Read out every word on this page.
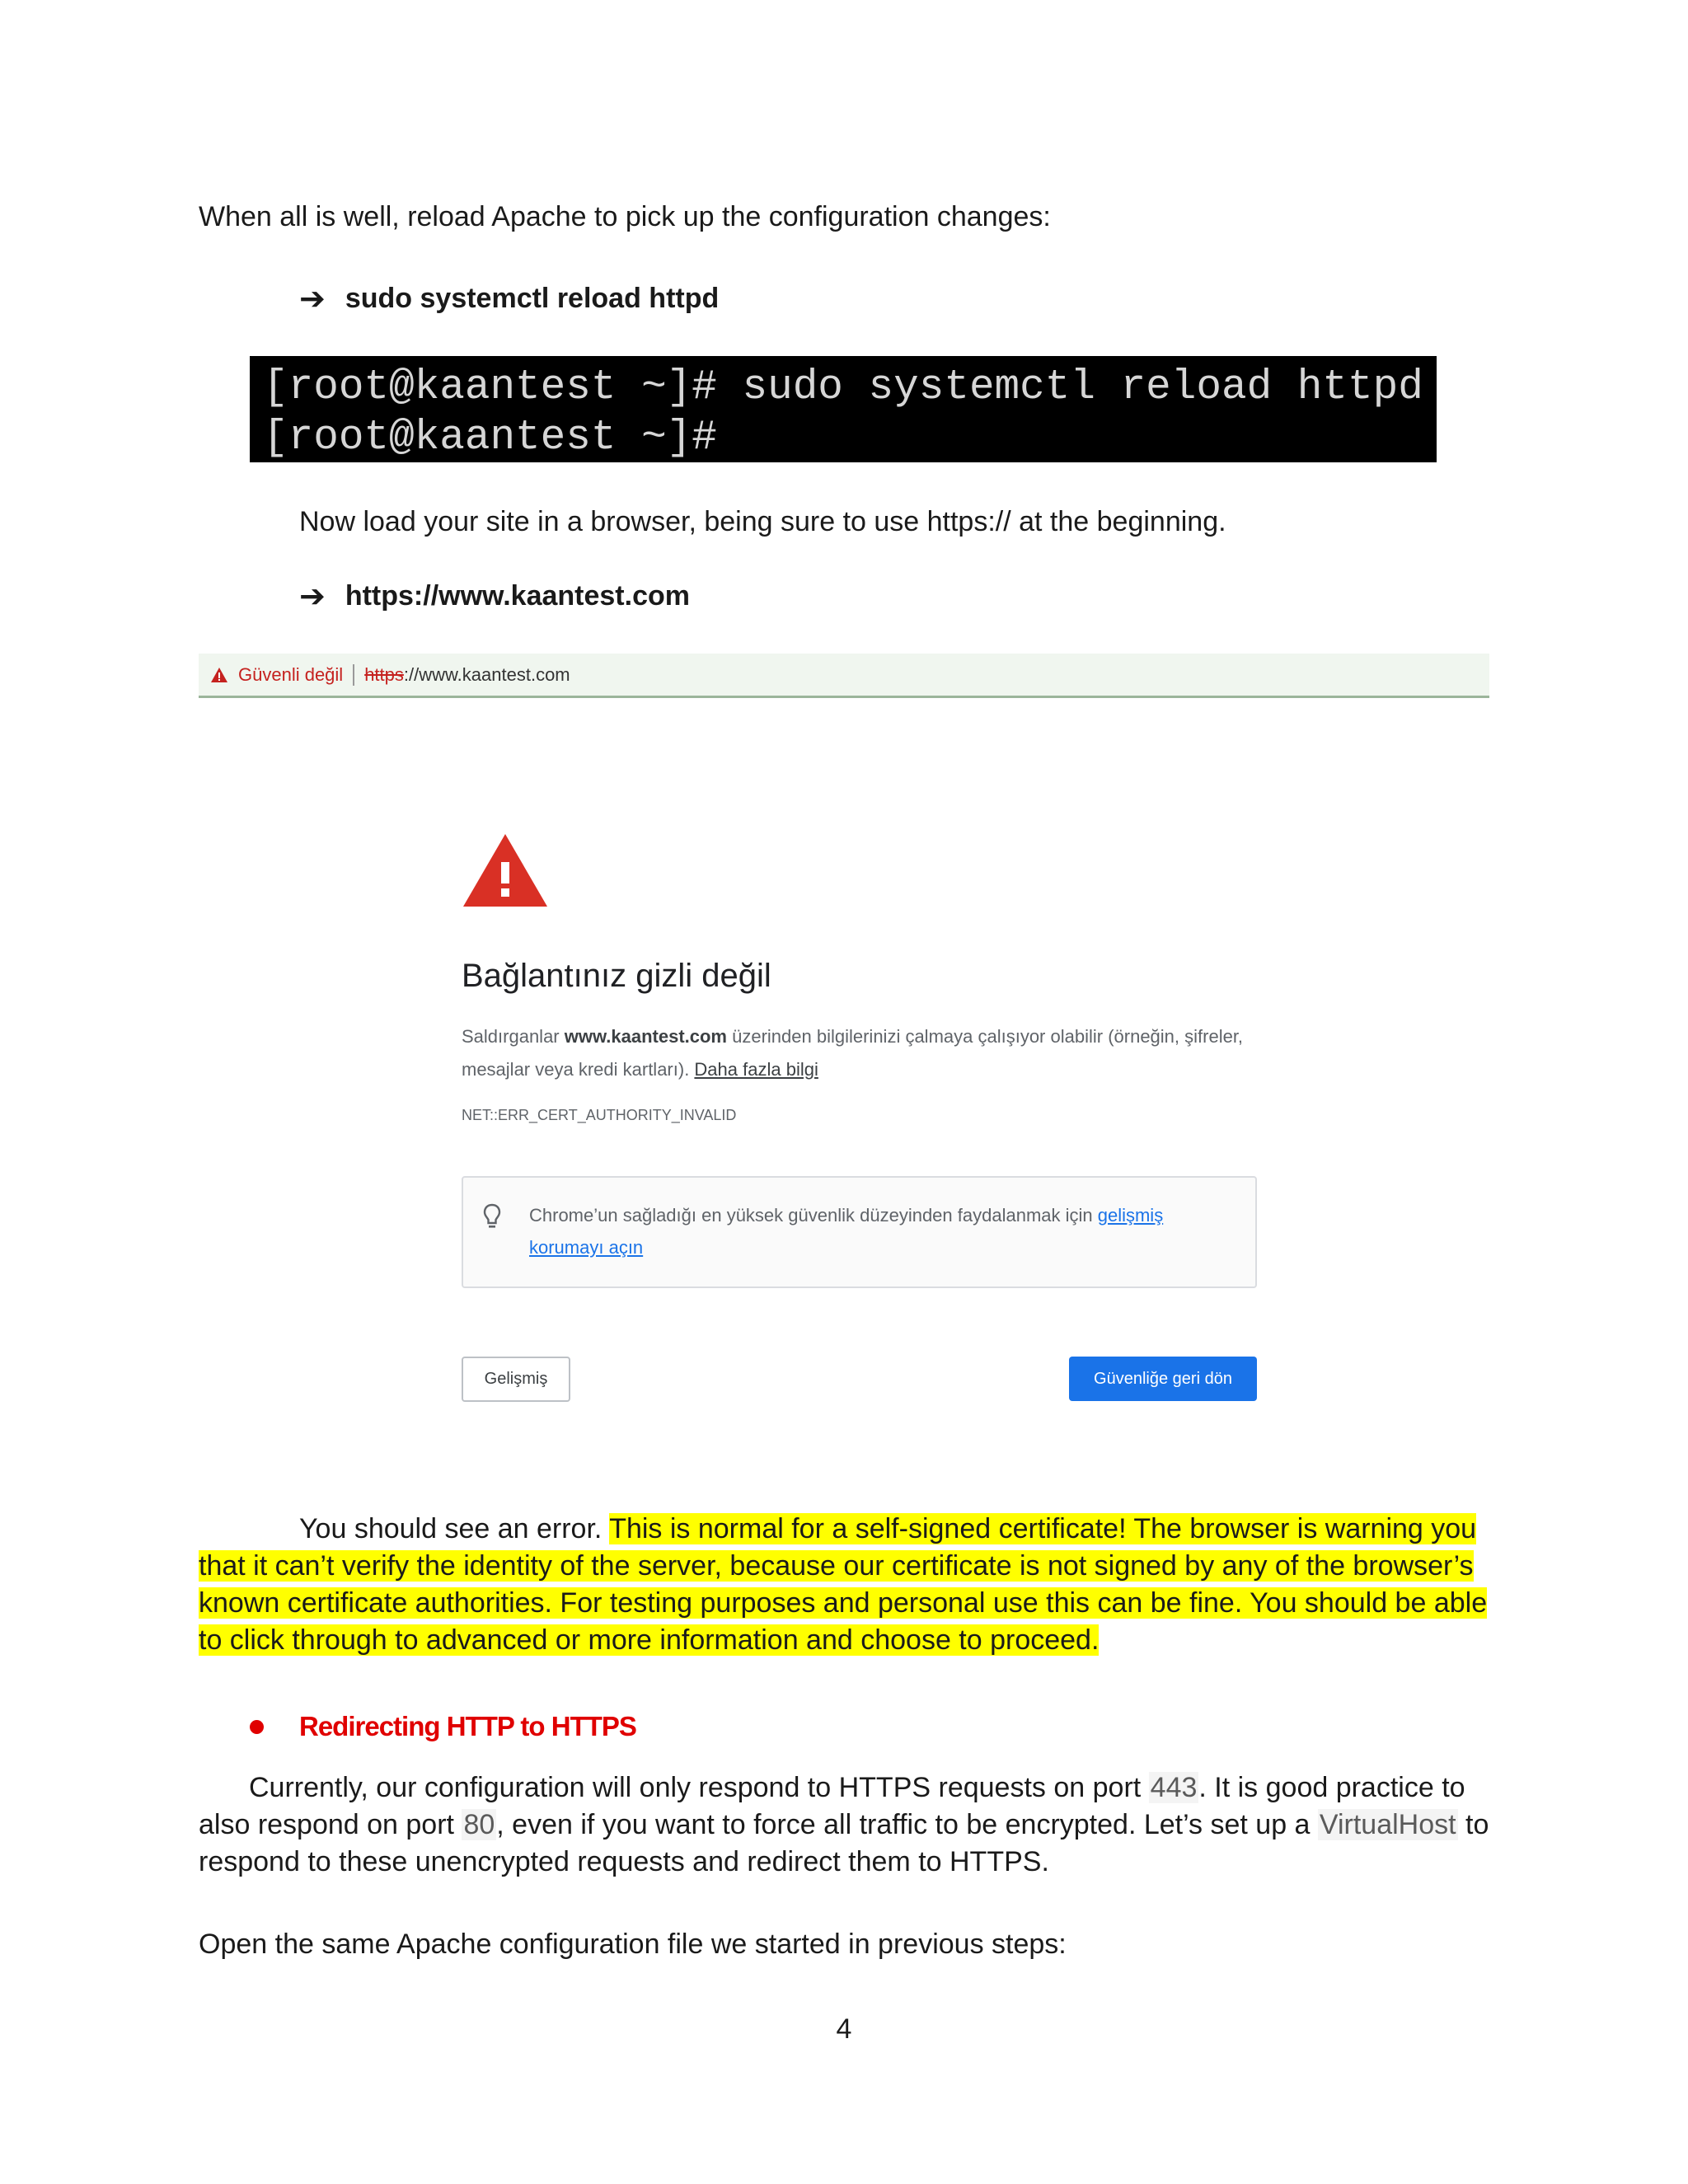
When all is well, reload Apache to pick up the configuration changes:
➔ sudo systemctl reload httpd
[root@kaantest ~]# sudo systemctl reload httpd
[root@kaantest ~]#
Now load your site in a browser, being sure to use https:// at the beginning.
➔ https://www.kaantest.com
Güvenli değil https ://www.kaantest.com
Bağlantınız gizli değil
Saldırganlar www.kaantest.com üzerinden bilgilerinizi çalmaya çalışıyor olabilir (örneğin, şifreler, mesajlar veya kredi kartları). Daha fazla bilgi
NET::ERR_CERT_AUTHORITY_INVALID
Chrome’un sağladığı en yüksek güvenlik düzeyinden faydalanmak için gelişmiş korumayı açın
Gelişmiş	Güvenliğe geri dön
You should see an error. This is normal for a self-signed certificate! The browser is warning you that it can’t verify the identity of the server, because our certificate is not signed by any of the browser’s known certificate authorities. For testing purposes and personal use this can be fine. You should be able to click through to advanced or more information and choose to proceed.
Redirecting HTTP to HTTPS
Currently, our configuration will only respond to HTTPS requests on port 443. It is good practice to also respond on port 80, even if you want to force all traffic to be encrypted. Let’s set up a VirtualHost to respond to these unencrypted requests and redirect them to HTTPS.
Open the same Apache configuration file we started in previous steps:
4
